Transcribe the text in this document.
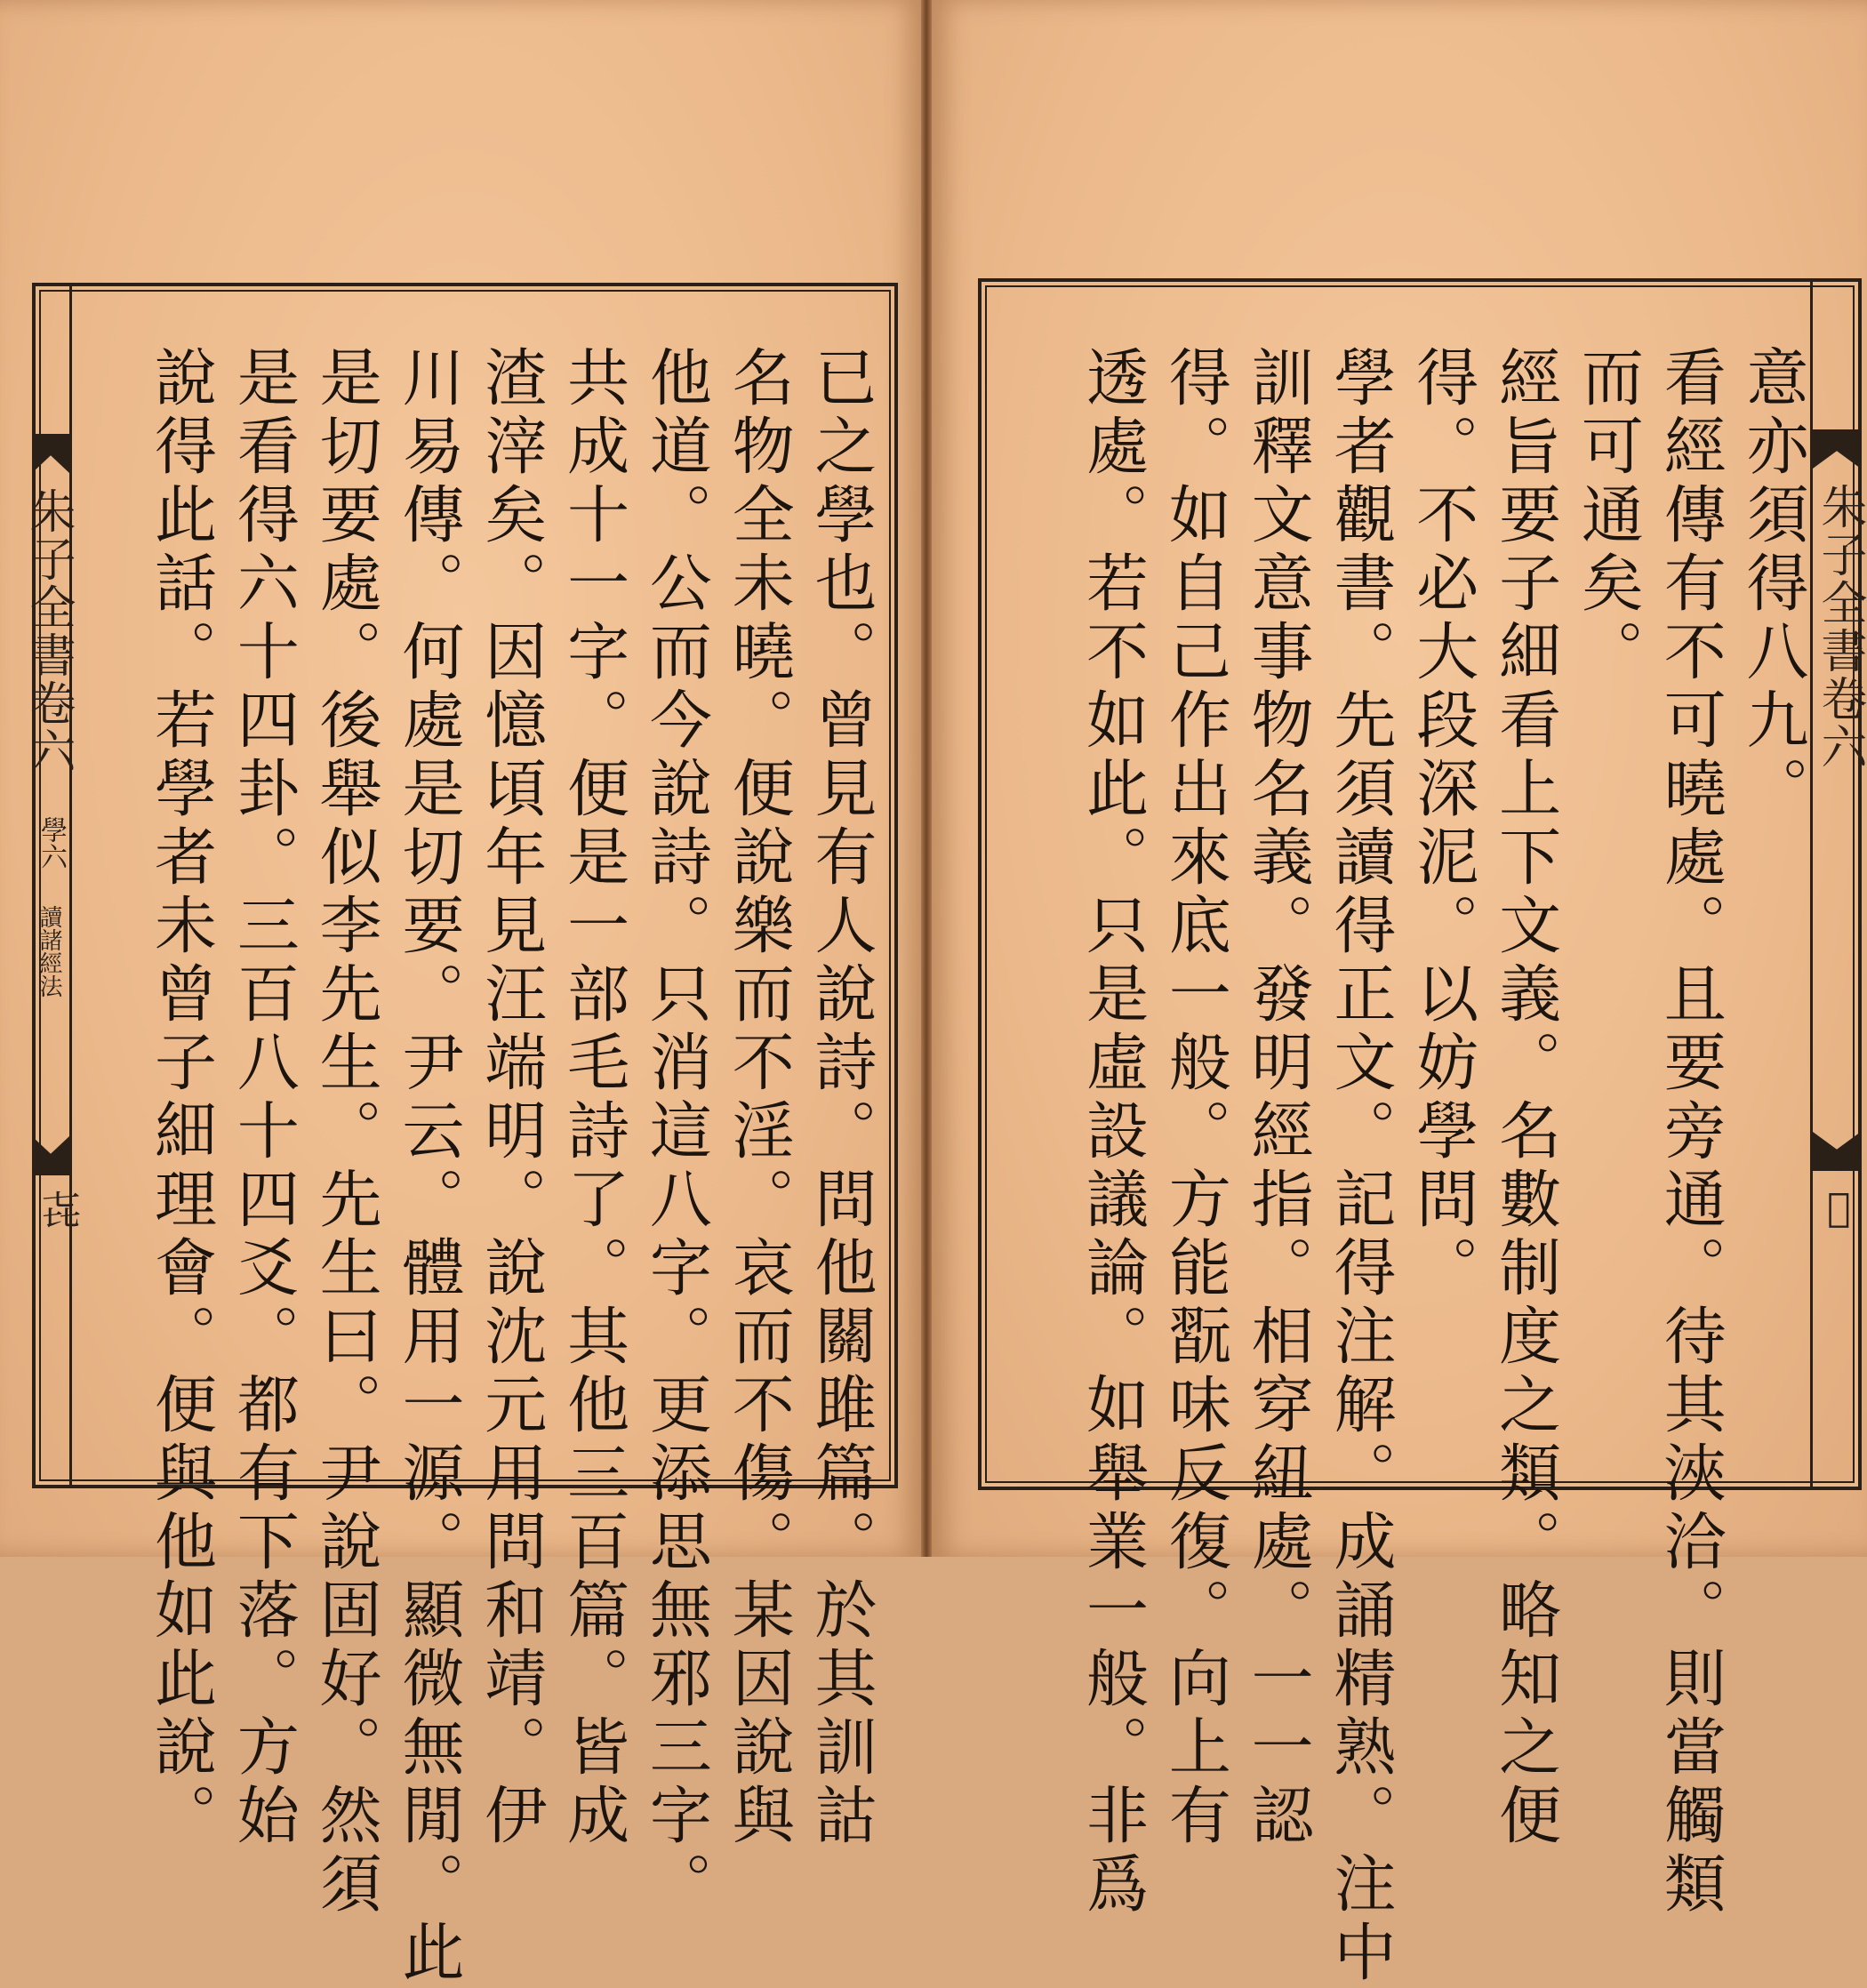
朱子全書卷六
學六
讀諸經法
㐂
朱子全書卷六
𢀤
已之學也。曾見有人說詩。問他關雎篇。於其訓詁
名物全未曉。便說樂而不淫。哀而不傷。某因說與
他道。公而今說詩。只消這八字。更添思無邪三字。
共成十一字。便是一部毛詩了。其他三百篇。皆成
渣滓矣。因憶頃年見汪端明。說沈元用問和靖。伊
川易傳。何處是切要。尹云。體用一源。顯微無閒。此
是切要處。後舉似李先生。先生曰。尹說固好。然須
是看得六十四卦。三百八十四爻。都有下落。方始
說得此話。若學者未曾子細理會。便與他如此說。	意亦須得八九。
看經傳有不可曉處。且要旁通。待其浹洽。則當觸類
而可通矣。
經旨要子細看上下文義。名數制度之類。略知之便
得。不必大段深泥。以妨學問。
學者觀書。先須讀得正文。記得注解。成誦精熟。注中
訓釋文意事物名義。發明經指。相穿紐處。一一認
得。如自己作出來底一般。方能翫味反復。向上有
透處。若不如此。只是虛設議論。如舉業一般。非爲
